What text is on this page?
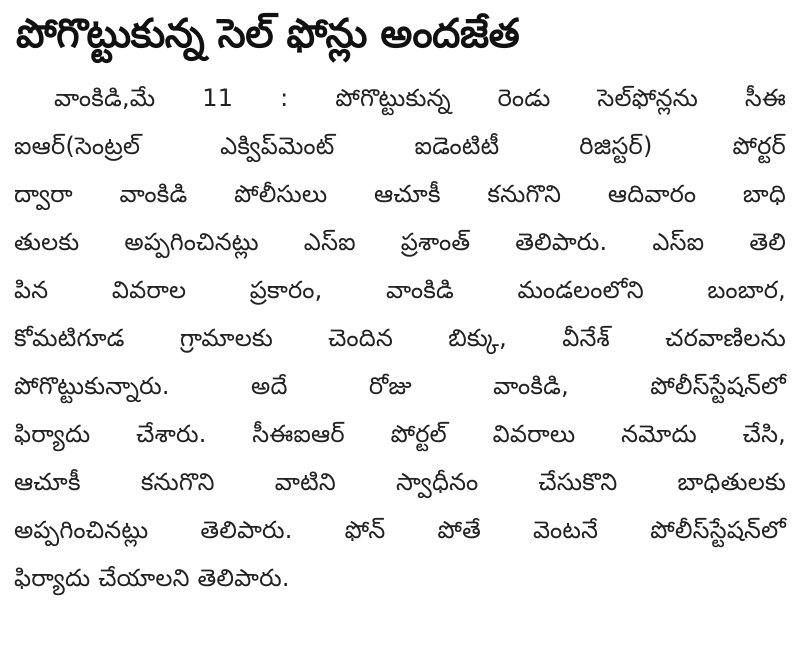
పోగొట్టుకున్న సెల్ ఫోన్లు అందజేత
వాంకిడి,మే 11 : పోగొట్టుకున్న రెండు సెల్‌ఫోన్లను సీఈ
ఐఆర్(సెంట్రల్ ఎక్విప్‌మెంట్ ఐడెంటిటీ రిజిస్టర్) పోర్టర్
ద్వారా వాంకిడి పోలీసులు ఆచూకీ కనుగొని ఆదివారం బాధి
తులకు అప్పగించినట్లు ఎస్ఐ ప్రశాంత్ తెలిపారు. ఎస్ఐ తెలి
పిన వివరాల ప్రకారం, వాంకిడి మండలంలోని బంబార,
కోమటిగూడ గ్రామాలకు చెందిన బిక్కు, వీనేశ్ చరవాణిలను
పోగొట్టుకున్నారు. అదే రోజు వాంకిడి, పోలీస్‌స్టేషన్‌లో
ఫిర్యాదు చేశారు. సీఈఐఆర్ పోర్టల్ వివరాలు నమోదు చేసి,
ఆచూకీ కనుగొని వాటిని స్వాధీనం చేసుకొని బాధితులకు
అప్పగించినట్లు తెలిపారు. ఫోన్ పోతే వెంటనే పోలీస్‌స్టేషన్‌లో
ఫిర్యాదు చేయాలని తెలిపారు.
